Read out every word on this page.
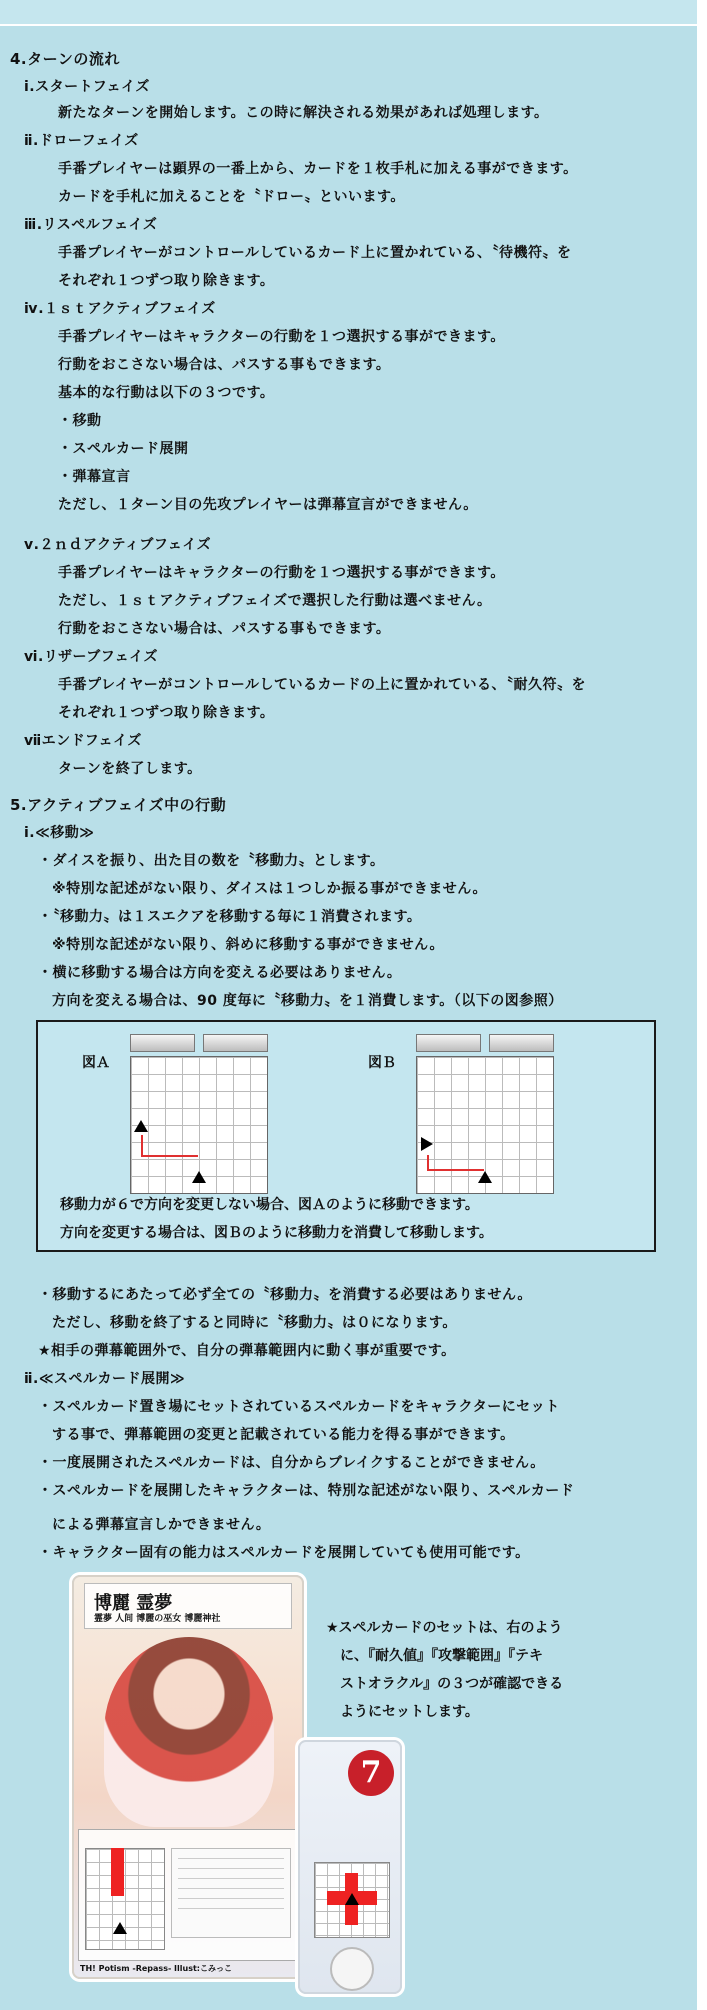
4.ターンの流れ
ⅰ.スタートフェイズ
新たなターンを開始します。この時に解決される効果があれば処理します。
ⅱ.ドローフェイズ
手番プレイヤーは顕界の一番上から、カードを１枚手札に加える事ができます。
カードを手札に加えることを〝ドロー〟といいます。
ⅲ.リスペルフェイズ
手番プレイヤーがコントロールしているカード上に置かれている、〝待機符〟を
それぞれ１つずつ取り除きます。
ⅳ.１ｓｔアクティブフェイズ
手番プレイヤーはキャラクターの行動を１つ選択する事ができます。
行動をおこさない場合は、パスする事もできます。
基本的な行動は以下の３つです。
・移動
・スペルカード展開
・弾幕宣言
ただし、１ターン目の先攻プレイヤーは弾幕宣言ができません。
ⅴ.２ｎｄアクティブフェイズ
手番プレイヤーはキャラクターの行動を１つ選択する事ができます。
ただし、１ｓｔアクティブフェイズで選択した行動は選べません。
行動をおこさない場合は、パスする事もできます。
ⅵ.リザーブフェイズ
手番プレイヤーがコントロールしているカードの上に置かれている、〝耐久符〟を
それぞれ１つずつ取り除きます。
ⅶエンドフェイズ
ターンを終了します。
5.アクティブフェイズ中の行動
ⅰ.≪移動≫
・ダイスを振り、出た目の数を〝移動力〟とします。
※特別な記述がない限り、ダイスは１つしか振る事ができません。
・〝移動力〟は１スエクアを移動する毎に１消費されます。
※特別な記述がない限り、斜めに移動する事ができません。
・横に移動する場合は方向を変える必要はありません。
方向を変える場合は、90 度毎に〝移動力〟を１消費します。（以下の図参照）
図Ａ	図Ｂ
移動力が６で方向を変更しない場合、図Ａのように移動できます。
方向を変更する場合は、図Ｂのように移動力を消費して移動します。
・移動するにあたって必ず全ての〝移動力〟を消費する必要はありません。
ただし、移動を終了すると同時に〝移動力〟は０になります。
★相手の弾幕範囲外で、自分の弾幕範囲内に動く事が重要です。
ⅱ.≪スペルカード展開≫
・スペルカード置き場にセットされているスペルカードをキャラクターにセット
する事で、弾幕範囲の変更と記載されている能力を得る事ができます。
・一度展開されたスペルカードは、自分からブレイクすることができません。
・スペルカードを展開したキャラクターは、特別な記述がない限り、スペルカード
による弾幕宣言しかできません。
・キャラクター固有の能力はスペルカードを展開していても使用可能です。
博麗 霊夢
霊夢 人间 博麗の巫女 博麗神社
TH! Potism -Repass- Illust:こみっこ
7
★スペルカードのセットは、右のよう
に、『耐久値』『攻撃範囲』『テキ
ストオラクル』の３つが確認できる
ようにセットします。
